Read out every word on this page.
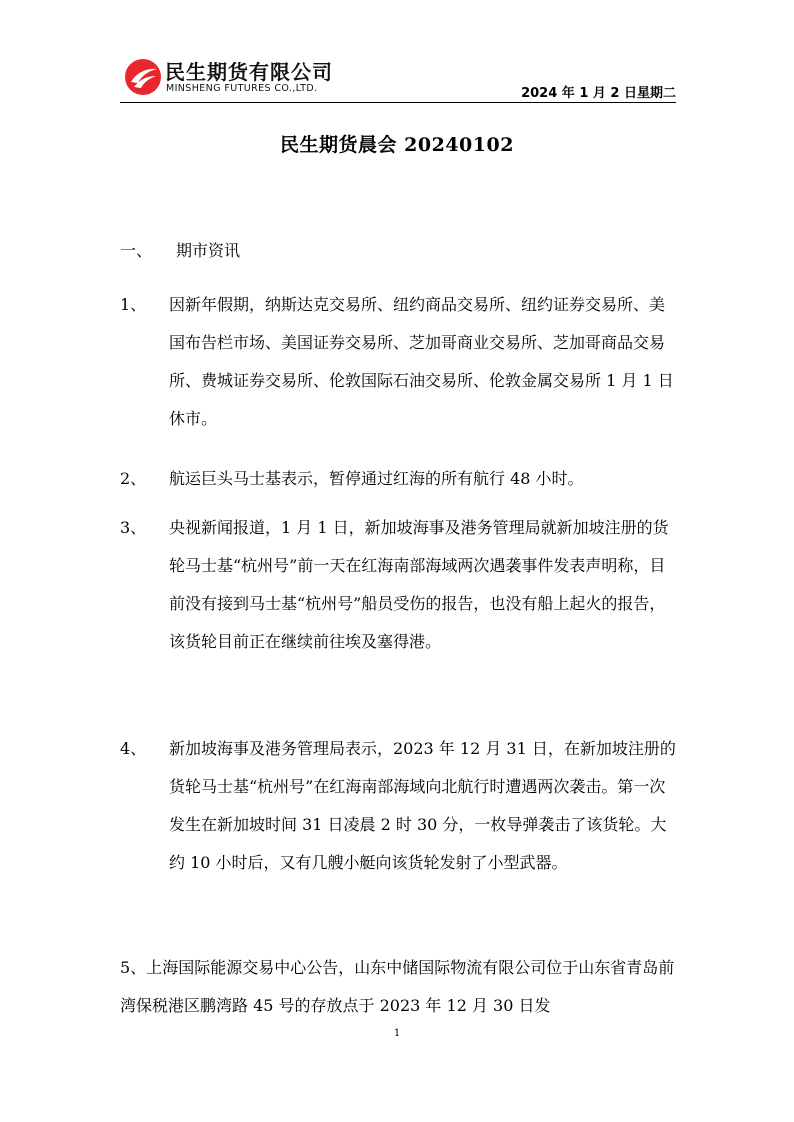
民生期货有限公司
MINSHENG FUTURES CO.,LTD.	2024 年 1 月 2 日星期二
民生期货晨会 20240102
一、 期市资讯
1、 因新年假期，纳斯达克交易所、纽约商品交易所、纽约证券交易所、美国布告栏市场、美国证券交易所、芝加哥商业交易所、芝加哥商品交易所、费城证券交易所、伦敦国际石油交易所、伦敦金属交易所 1 月 1 日休市。
2、 航运巨头马士基表示，暂停通过红海的所有航行 48 小时。
3、 央视新闻报道，1 月 1 日，新加坡海事及港务管理局就新加坡注册的货轮马士基“杭州号”前一天在红海南部海域两次遇袭事件发表声明称，目前没有接到马士基“杭州号”船员受伤的报告，也没有船上起火的报告，该货轮目前正在继续前往埃及塞得港。
4、 新加坡海事及港务管理局表示，2023 年 12 月 31 日，在新加坡注册的货轮马士基“杭州号”在红海南部海域向北航行时遭遇两次袭击。第一次发生在新加坡时间 31 日凌晨 2 时 30 分，一枚导弹袭击了该货轮。大约 10 小时后，又有几艘小艇向该货轮发射了小型武器。
5、上海国际能源交易中心公告，山东中储国际物流有限公司位于山东省青岛前湾保税港区鹏湾路 45 号的存放点于 2023 年 12 月 30 日发
1
